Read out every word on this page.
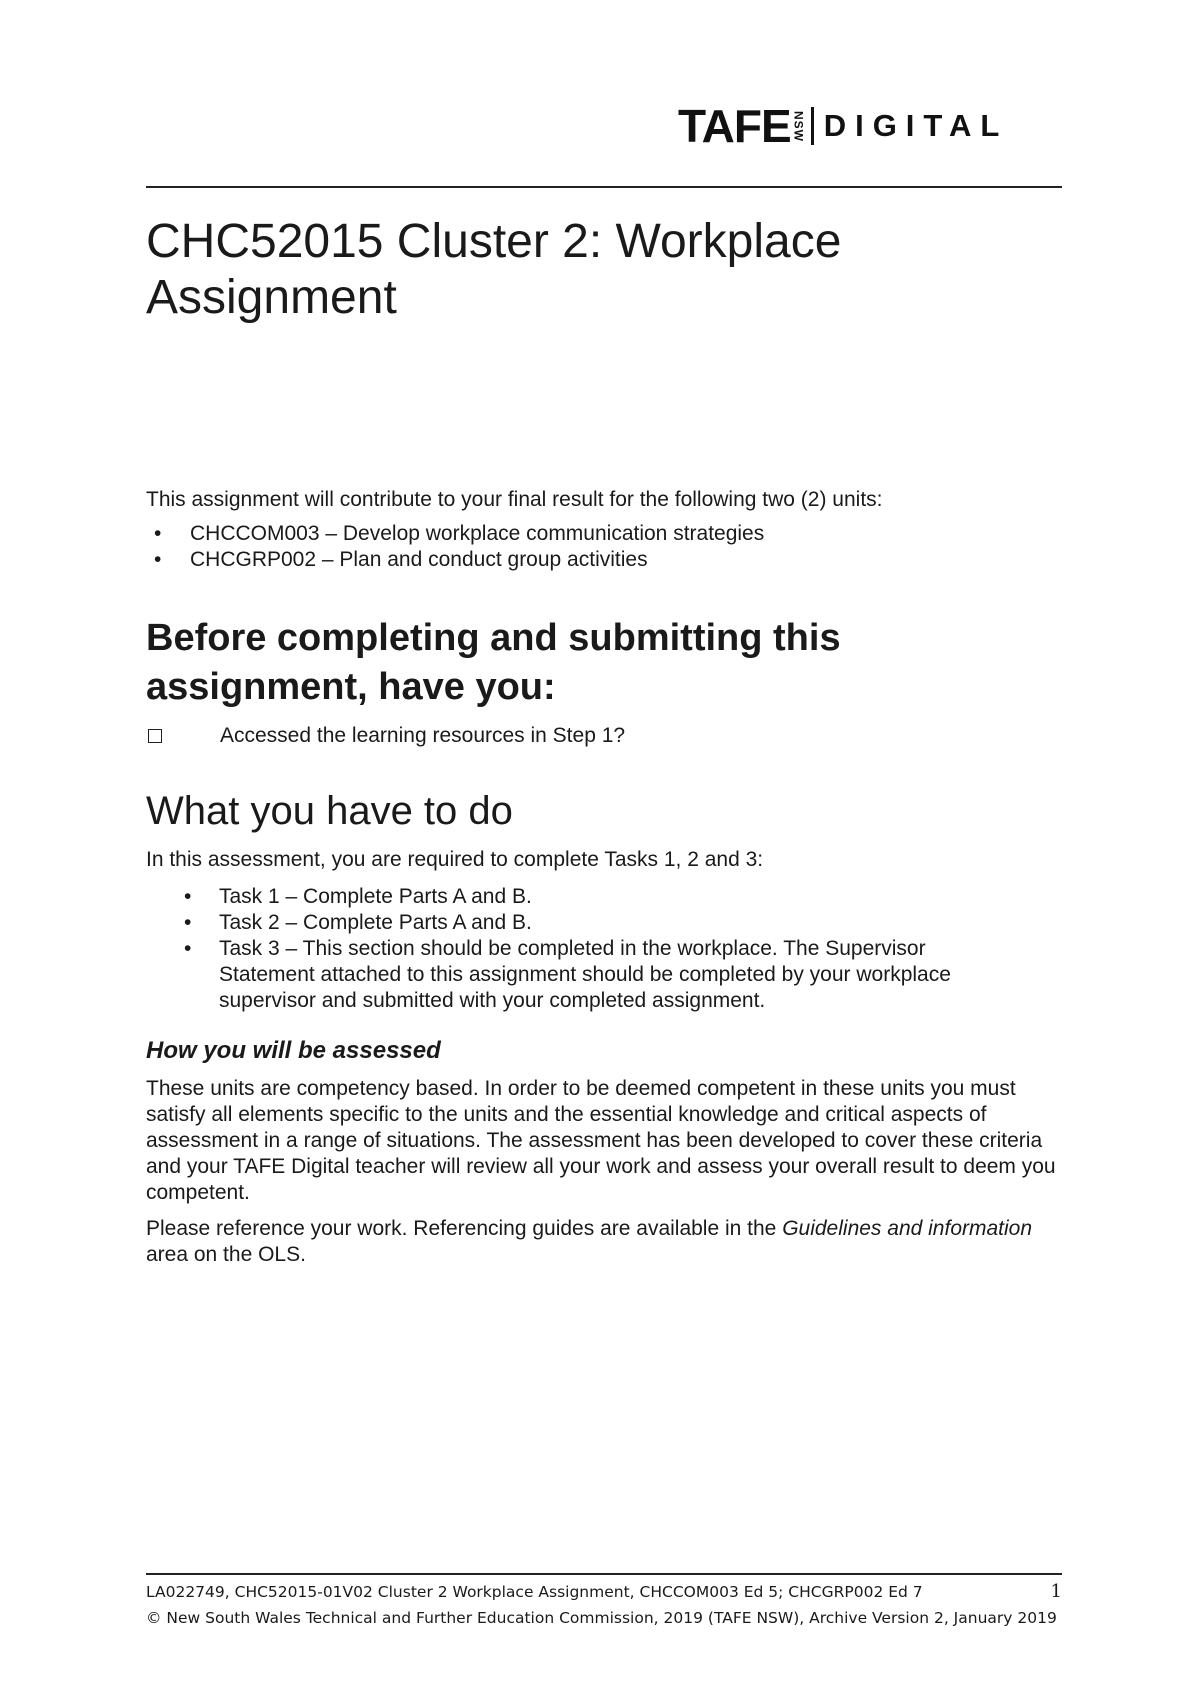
TAFE NSW DIGITAL
CHC52015 Cluster 2: Workplace Assignment

This assignment will contribute to your final result for the following two (2) units:

• CHCCOM003 – Develop workplace communication strategies
• CHCGRP002 – Plan and conduct group activities
Before completing and submitting this assignment, have you:
Accessed the learning resources in Step 1?
What you have to do

In this assessment, you are required to complete Tasks 1, 2 and 3:

• Task 1 – Complete Parts A and B.
• Task 2 – Complete Parts A and B.
• Task 3 – This section should be completed in the workplace. The Supervisor Statement attached to this assignment should be completed by your workplace supervisor and submitted with your completed assignment.
How you will be assessed

These units are competency based. In order to be deemed competent in these units you must satisfy all elements specific to the units and the essential knowledge and critical aspects of assessment in a range of situations. The assessment has been developed to cover these criteria and your TAFE Digital teacher will review all your work and assess your overall result to deem you competent.

Please reference your work. Referencing guides are available in the Guidelines and information area on the OLS.

LA022749, CHC52015-01V02 Cluster 2 Workplace Assignment, CHCCOM003 Ed 5; CHCGRP002 Ed 7	1
© New South Wales Technical and Further Education Commission, 2019 (TAFE NSW), Archive Version 2, January 2019
